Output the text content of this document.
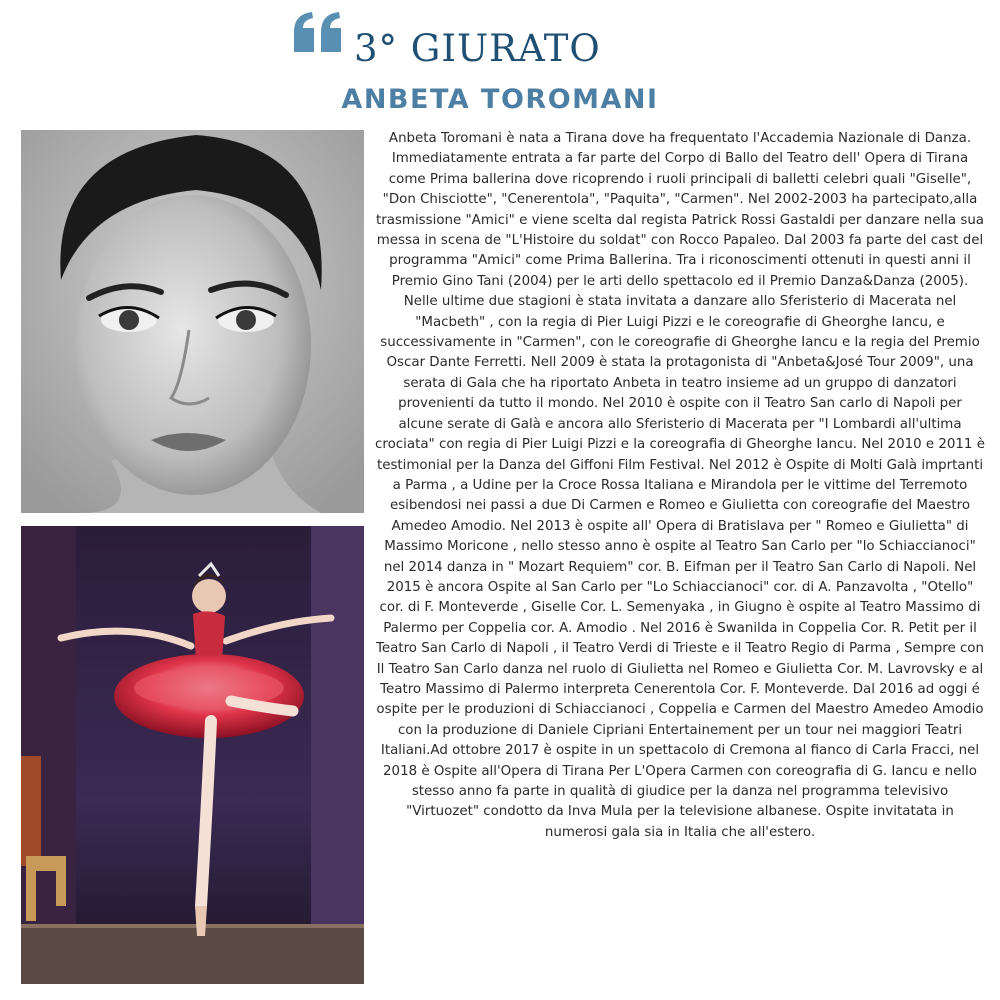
3° GIURATO
ANBETA TOROMANI

Anbeta Toromani è nata a Tirana dove ha frequentato l'Accademia Nazionale di Danza. Immediatamente entrata a far parte del Corpo di Ballo del Teatro dell' Opera di Tirana come Prima ballerina dove ricoprendo i ruoli principali di balletti celebri quali "Giselle", "Don Chisciotte", "Cenerentola", "Paquita", "Carmen". Nel 2002-2003 ha partecipato,alla trasmissione "Amici" e viene scelta dal regista Patrick Rossi Gastaldi per danzare nella sua messa in scena de "L'Histoire du soldat" con Rocco Papaleo. Dal 2003 fa parte del cast del programma "Amici" come Prima Ballerina. Tra i riconoscimenti ottenuti in questi anni il Premio Gino Tani (2004) per le arti dello spettacolo ed il Premio Danza&Danza (2005). Nelle ultime due stagioni è stata invitata a danzare allo Sferisterio di Macerata nel "Macbeth" , con la regia di Pier Luigi Pizzi e le coreografie di Gheorghe Iancu, e successivamente in "Carmen", con le coreografie di Gheorghe Iancu e la regia del Premio Oscar Dante Ferretti. Nell 2009 è stata la protagonista di "Anbeta&José Tour 2009", una serata di Gala che ha riportato Anbeta in teatro insieme ad un gruppo di danzatori provenienti da tutto il mondo. Nel 2010 è ospite con il Teatro San carlo di Napoli per alcune serate di Galà e ancora allo Sferisterio di Macerata per "I Lombardi all'ultima crociata" con regia di Pier Luigi Pizzi e la coreografia di Gheorghe Iancu. Nel 2010 e 2011 è testimonial per la Danza del Giffoni Film Festival. Nel 2012 è Ospite di Molti Galà imprtanti a Parma , a Udine per la Croce Rossa Italiana e Mirandola per le vittime del Terremoto esibendosi nei passi a due Di Carmen e Romeo e Giulietta con coreografie del Maestro Amedeo Amodio. Nel 2013 è ospite all' Opera di Bratislava per " Romeo e Giulietta" di Massimo Moricone , nello stesso anno è ospite al Teatro San Carlo per "lo Schiaccianoci" nel 2014 danza in " Mozart Requiem" cor. B. Eifman per il Teatro San Carlo di Napoli. Nel 2015 è ancora Ospite al San Carlo per "Lo Schiaccianoci" cor. di A. Panzavolta , "Otello" cor. di F. Monteverde , Giselle Cor. L. Semenyaka , in Giugno è ospite al Teatro Massimo di Palermo per Coppelia cor. A. Amodio . Nel 2016 è Swanilda in Coppelia Cor. R. Petit per il Teatro San Carlo di Napoli , il Teatro Verdi di Trieste e il Teatro Regio di Parma , Sempre con Il Teatro San Carlo danza nel ruolo di Giulietta nel Romeo e Giulietta Cor. M. Lavrovsky e al Teatro Massimo di Palermo interpreta Cenerentola Cor. F. Monteverde. Dal 2016 ad oggi é ospite per le produzioni di Schiaccianoci , Coppelia e Carmen del Maestro Amedeo Amodio con la produzione di Daniele Cipriani Entertainement per un tour nei maggiori Teatri Italiani.Ad ottobre 2017 è ospite in un spettacolo di Cremona al fianco di Carla Fracci, nel 2018 è Ospite all'Opera di Tirana Per L'Opera Carmen con coreografia di G. Iancu e nello stesso anno fa parte in qualità di giudice per la danza nel programma televisivo "Virtuozet" condotto da Inva Mula per la televisione albanese. Ospite invitatata in numerosi gala sia in Italia che all'estero.
